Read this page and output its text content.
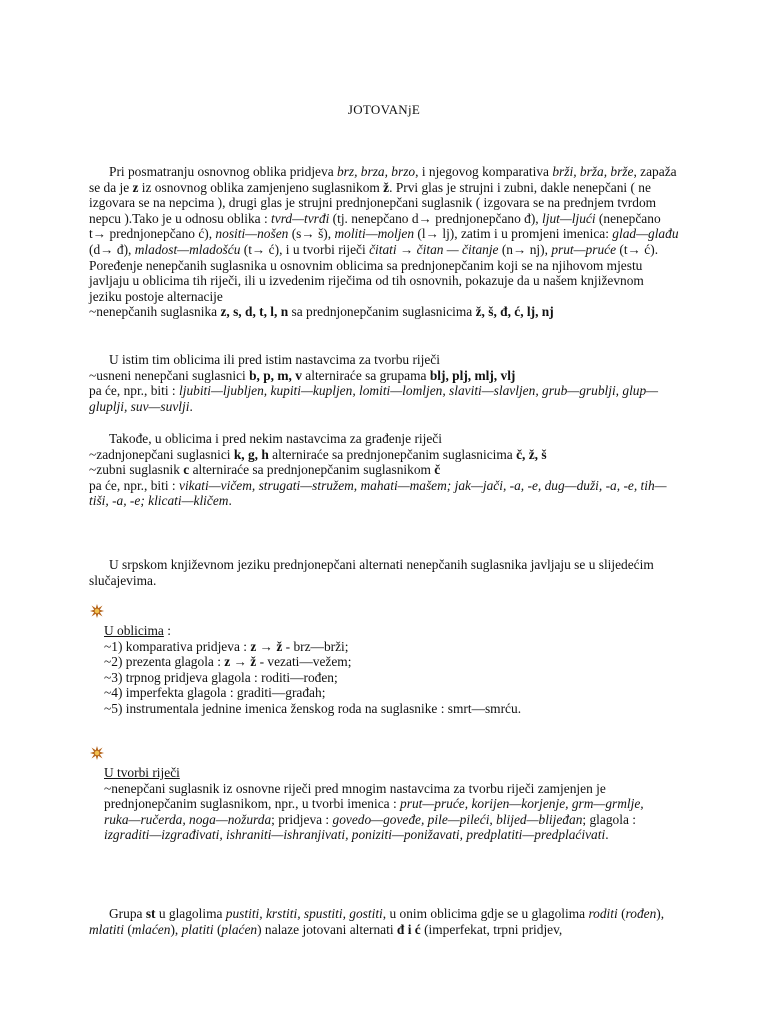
JOTOVANjE

Pri posmatranju osnovnog oblika pridjeva brz, brza, brzo, i njegovog komparativa brži, brža, brže, zapaža se da je z iz osnovnog oblika zamjenjeno suglasnikom ž. Prvi glas je strujni i zubni, dakle nenepčani ( ne izgovara se na nepcima ), drugi glas je strujni prednjonepčani suglasnik ( izgovara se na prednjem tvrdom nepcu ).Tako je u odnosu oblika : tvrd—tvrđi (tj. nenepčano d→ prednjonepčano đ), ljut—ljući (nenepčano t→ prednjonepčano ć), nositi—nošen (s→ š), moliti—moljen (l→ lj), zatim i u promjeni imenica: glad—glađu (d→ đ), mladost—mladošću (t→ ć), i u tvorbi riječi čitati → čitan — čitanje (n→ nj), prut—pruće (t→ ć). Poređenje nenepčanih suglasnika u osnovnim oblicima sa prednjonepčanim koji se na njihovom mjestu javljaju u oblicima tih riječi, ili u izvedenim riječima od tih osnovnih, pokazuje da u našem književnom jeziku postoje alternacije

~nenepčanih suglasnika z, s, d, t, l, n sa prednjonepčanim suglasnicima ž, š, đ, ć, lj, nj

U istim tim oblicima ili pred istim nastavcima za tvorbu riječi

~usneni nenepčani suglasnici b, p, m, v alterniraće sa grupama blj, plj, mlj, vlj

pa će, npr., biti : ljubiti—ljubljen, kupiti—kupljen, lomiti—lomljen, slaviti—slavljen, grub—grublji, glup—glupljі, suv—suvlji.

Takođe, u oblicima i pred nekim nastavcima za građenje riječi

~zadnjonepčani suglasnici k, g, h alterniraće sa prednjonepčanim suglasnicima č, ž, š

~zubni suglasnik c alterniraće sa prednjonepčanim suglasnikom č

pa će, npr., biti : vikati—vičem, strugati—stružem, mahati—mašem; jak—jači, -a, -e, dug—duži, -a, -e, tih—tiši, -a, -e; klicati—kličem.

U srpskom književnom jeziku prednjonepčani alternati nenepčanih suglasnika javljaju se u slijedećim slučajevima.

U oblicima :

~1) komparativa pridjeva : z → ž - brz—brži;

~2) prezenta glagola : z → ž - vezati—vežem;

~3) trpnog pridjeva glagola : roditi—rođen;

~4) imperfekta glagola : graditi—građah;

~5) instrumentala jednine imenica ženskog roda na suglasnike : smrt—smrću.

U tvorbi riječi

~nenepčani suglasnik iz osnovne riječi pred mnogim nastavcima za tvorbu riječi zamjenjen je prednjonepčanim suglasnikom, npr., u tvorbi imenica : prut—pruće, korijen—korjenje, grm—grmlje, ruka—ručerda, noga—nožurda; pridjeva : govedo—goveđe, pile—pileći, blijed—blijeđan; glagola : izgraditi—izgrađivati, ishraniti—ishranjivati, poniziti—ponižavati, predplatiti—predplaćivati.

Grupa st u glagolima pustiti, krstiti, spustiti, gostiti, u onim oblicima gdje se u glagolima roditi (rođen), mlatiti (mlaćen), platiti (plaćen) nalaze jotovani alternati đ i ć (imperfekat, trpni pridjev,
